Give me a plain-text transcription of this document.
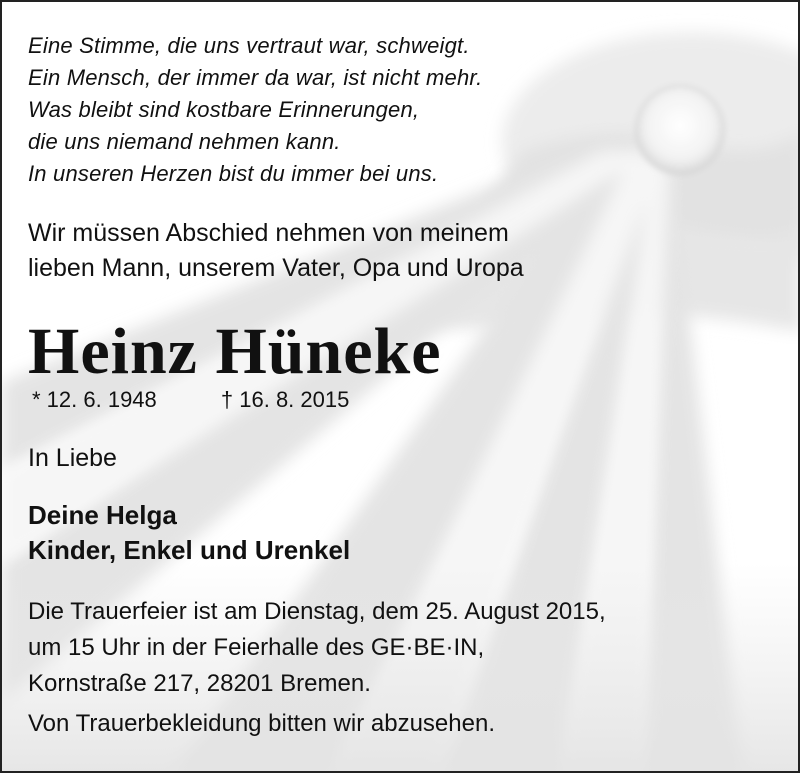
Eine Stimme, die uns vertraut war, schweigt.
Ein Mensch, der immer da war, ist nicht mehr.
Was bleibt sind kostbare Erinnerungen,
die uns niemand nehmen kann.
In unseren Herzen bist du immer bei uns.
Wir müssen Abschied nehmen von meinem
lieben Mann, unserem Vater, Opa und Uropa
Heinz Hüneke
* 12. 6. 1948	† 16. 8. 2015
In Liebe
Deine Helga
Kinder, Enkel und Urenkel
Die Trauerfeier ist am Dienstag, dem 25. August 2015,
um 15 Uhr in der Feierhalle des GE·BE·IN,
Kornstraße 217, 28201 Bremen.
Von Trauerbekleidung bitten wir abzusehen.
